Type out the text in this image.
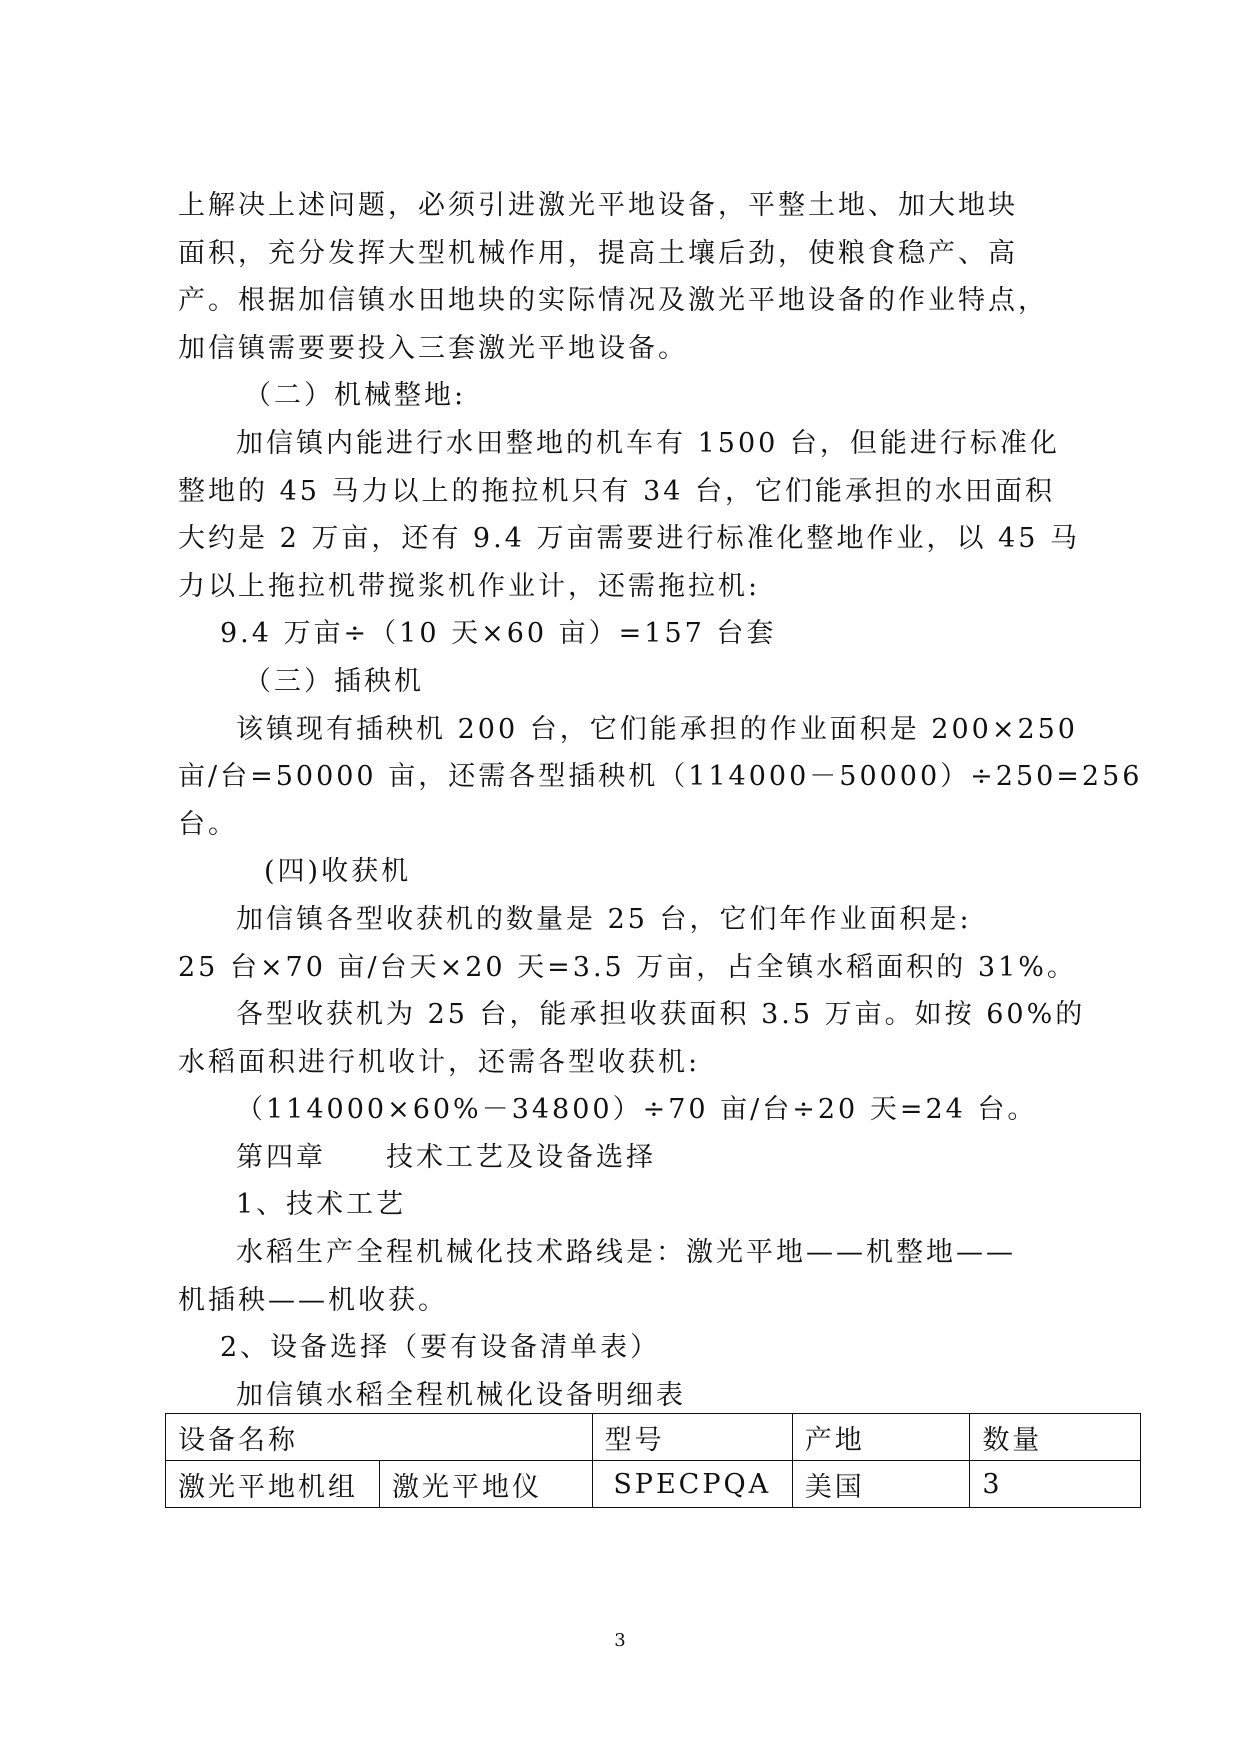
上解决上述问题，必须引进激光平地设备，平整土地、加大地块
面积，充分发挥大型机械作用，提高土壤后劲，使粮食稳产、高
产。根据加信镇水田地块的实际情况及激光平地设备的作业特点，
加信镇需要要投入三套激光平地设备。
（二）机械整地:
加信镇内能进行水田整地的机车有 1500 台，但能进行标准化
整地的 45 马力以上的拖拉机只有 34 台，它们能承担的水田面积
大约是 2 万亩，还有 9.4 万亩需要进行标准化整地作业，以 45 马
力以上拖拉机带搅浆机作业计，还需拖拉机:
9.4 万亩÷（10 天×60 亩）=157 台套
（三）插秧机
该镇现有插秧机 200 台，它们能承担的作业面积是 200×250
亩/台=50000 亩，还需各型插秧机（114000－50000）÷250=256
台。
(四)收获机
加信镇各型收获机的数量是 25 台，它们年作业面积是:
25 台×70 亩/台天×20 天=3.5 万亩，占全镇水稻面积的 31%。
各型收获机为 25 台，能承担收获面积 3.5 万亩。如按 60%的
水稻面积进行机收计，还需各型收获机:
（114000×60%－34800）÷70 亩/台÷20 天=24 台。
第四章　　技术工艺及设备选择
1、技术工艺
水稻生产全程机械化技术路线是：激光平地——机整地——
机插秧——机收获。
2、设备选择（要有设备清单表）
加信镇水稻全程机械化设备明细表
设备名称		型号	产地	数量
激光平地机组	激光平地仪	SPECPQA	美国	3
3
